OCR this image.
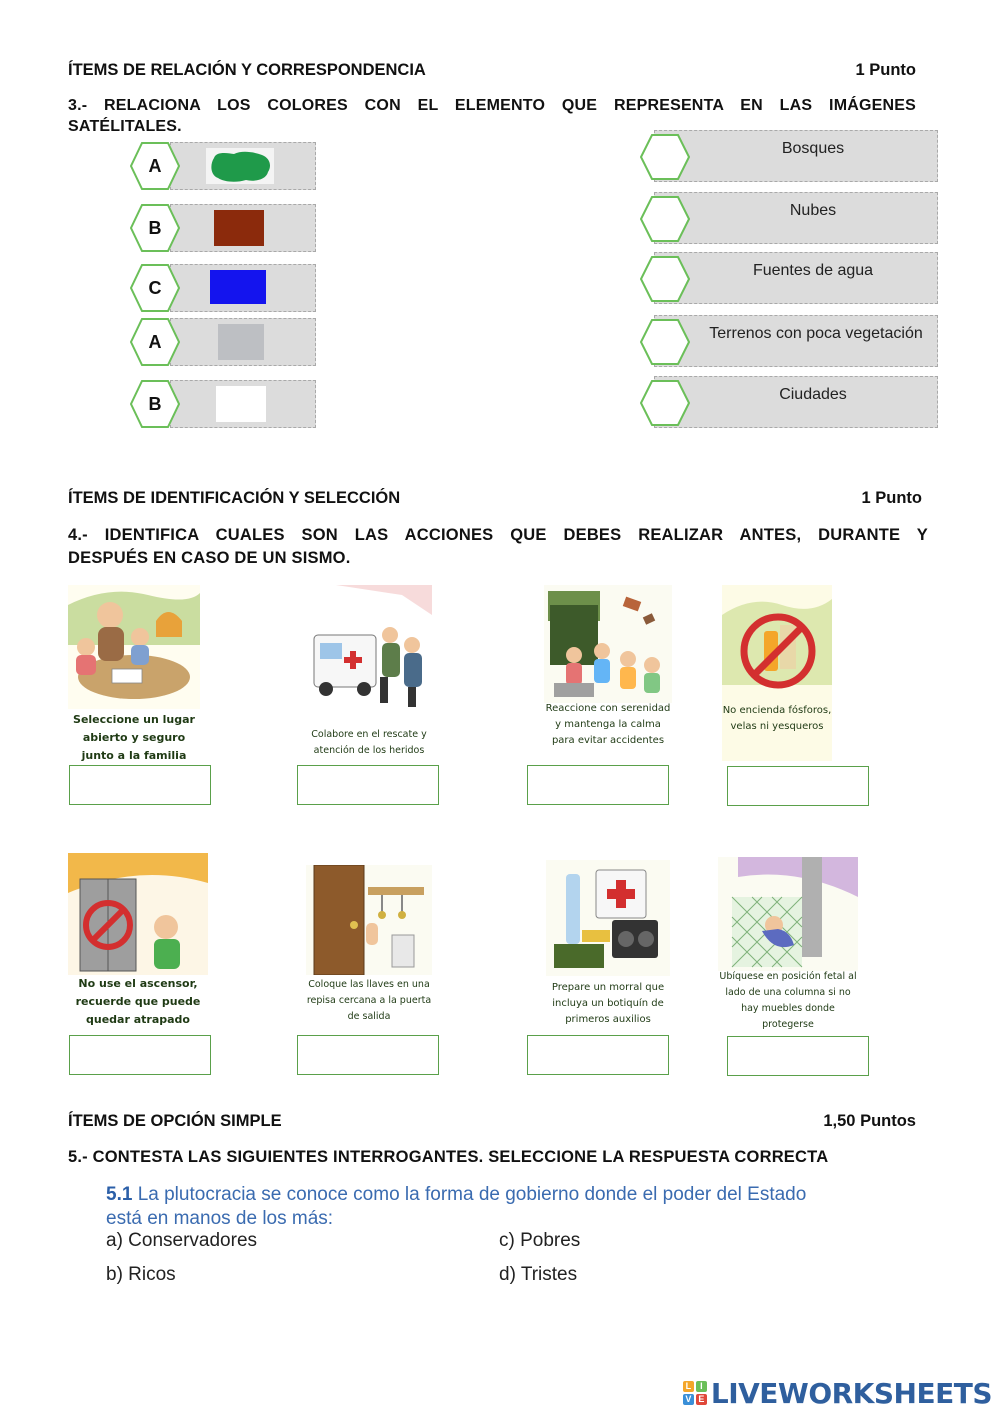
ÍTEMS DE RELACIÓN Y CORRESPONDENCIA	1 Punto
3.- RELACIONA LOS COLORES CON EL ELEMENTO QUE REPRESENTA EN LAS IMÁGENES
SATÉLITALES.
A
B
C
A
B
Bosques
Nubes
Fuentes de agua
Terrenos con poca vegetación
Ciudades
ÍTEMS DE IDENTIFICACIÓN Y SELECCIÓN	1 Punto
4.- IDENTIFICA CUALES SON LAS ACCIONES QUE DEBES REALIZAR ANTES, DURANTE Y
DESPUÉS EN CASO DE UN SISMO.
Seleccione un lugar abierto y seguro junto a la familia
Colabore en el rescate y atención de los heridos
Reaccione con serenidad y mantenga la calma para evitar accidentes
No encienda fósforos, velas ni yesqueros
No use el ascensor, recuerde que puede quedar atrapado
Coloque las llaves en una repisa cercana a la puerta de salida
Prepare un morral que incluya un botiquín de primeros auxilios
Ubíquese en posición fetal al lado de una columna si no hay muebles donde protegerse
ÍTEMS DE OPCIÓN SIMPLE	1,50 Puntos
5.- CONTESTA LAS SIGUIENTES INTERROGANTES. SELECCIONE LA RESPUESTA CORRECTA
5.1 La plutocracia se conoce como la forma de gobierno donde el poder del Estado
está en manos de los más:
a) Conservadores	c) Pobres
b) Ricos	d) Tristes
L I
V E LIVEWORKSHEETS
